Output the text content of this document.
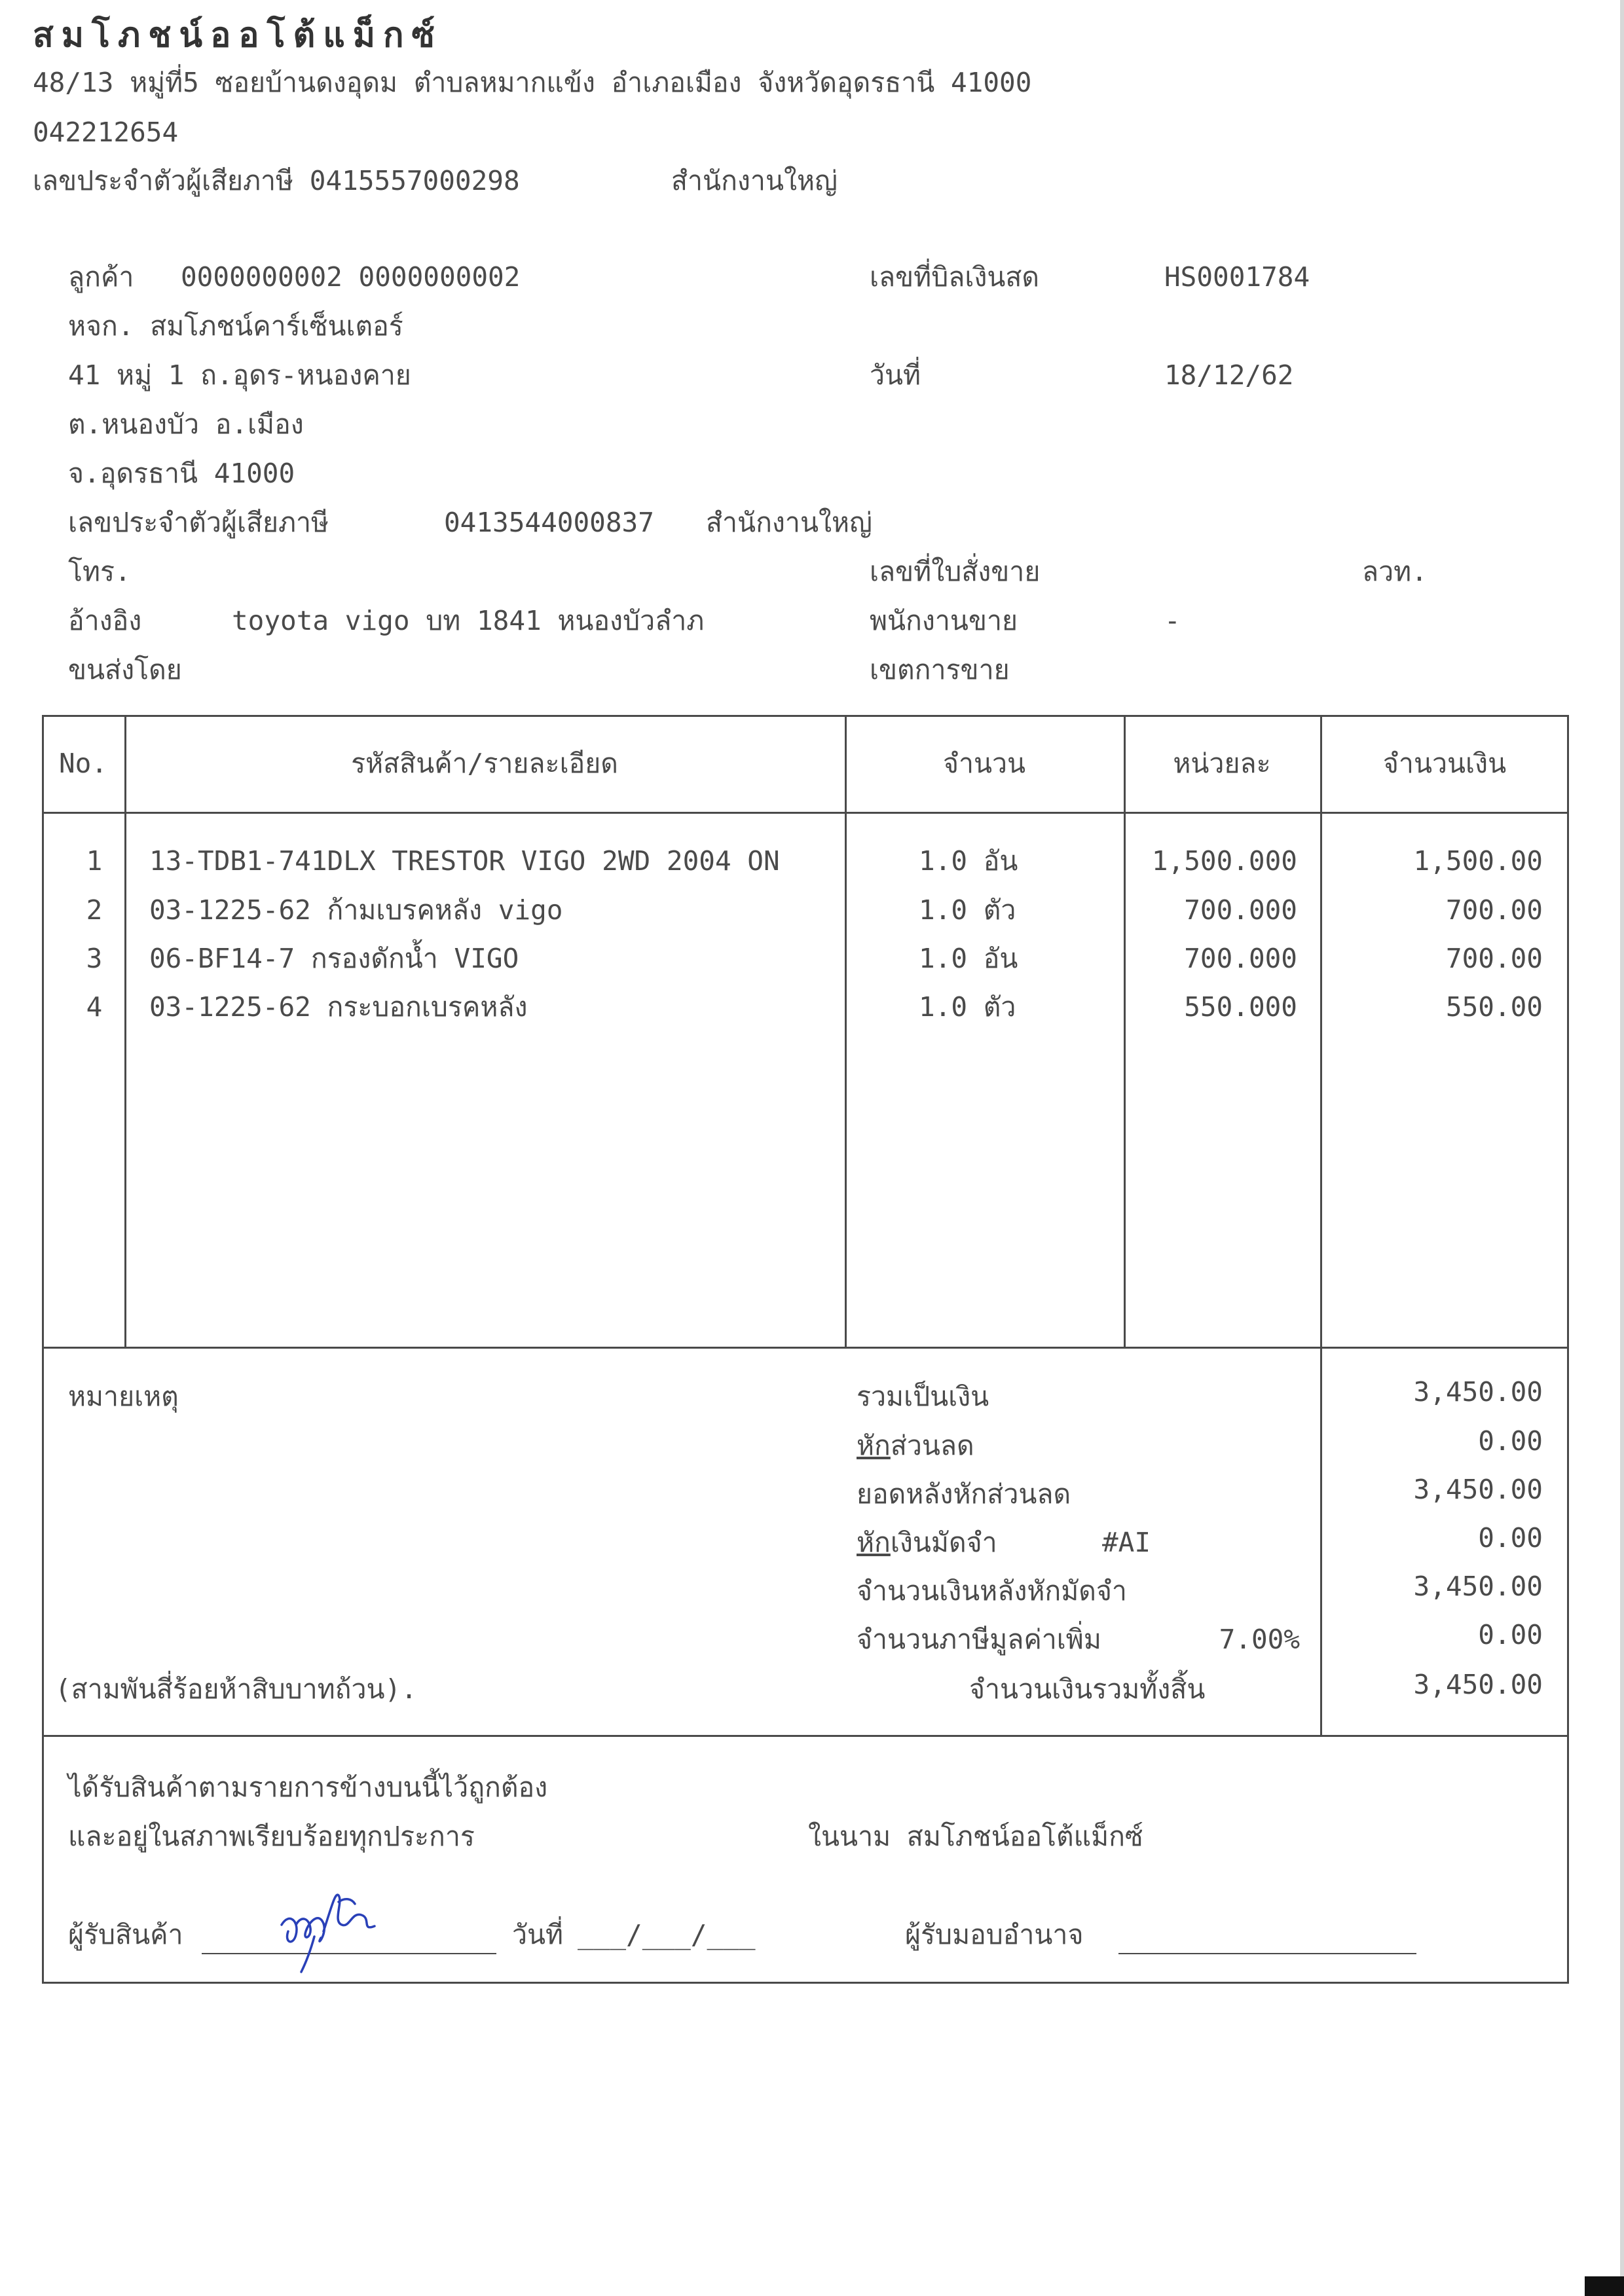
สมโภชน์ออโต้แม็กซ์
48/13 หมู่ที่5 ซอยบ้านดงอุดม ตำบลหมากแข้ง อำเภอเมือง จังหวัดอุดรธานี 41000
042212654
เลขประจำตัวผู้เสียภาษี 0415557000298	สำนักงานใหญ่
ลูกค้า 0000000002 0000000002
หจก. สมโภชน์คาร์เซ็นเตอร์
41 หมู่ 1 ถ.อุดร-หนองคาย
ต.หนองบัว อ.เมือง
จ.อุดรธานี 41000
เลขประจำตัวผู้เสียภาษี	0413544000837 สำนักงานใหญ่
โทร.
อ้างอิง	toyota vigo บท 1841 หนองบัวลำภ
ขนส่งโดย
เลขที่บิลเงินสด	HS0001784
วันที่	18/12/62
เลขที่ใบสั่งขาย	ลวท.
พนักงานขาย	-
เขตการขาย
No.	รหัสสินค้า/รายละเอียด	จำนวน	หน่วยละ	จำนวนเงิน
1	13-TDB1-741DLX TRESTOR VIGO 2WD 2004 ON	1.0 อัน	1,500.000	1,500.00
2	03-1225-62 ก้ามเบรคหลัง vigo	1.0 ตัว	700.000	700.00
3	06-BF14-7 กรองดักน้ำ VIGO	1.0 อัน	700.000	700.00
4	03-1225-62 กระบอกเบรคหลัง	1.0 ตัว	550.000	550.00
หมายเหตุ	รวมเป็นเงิน	3,450.00
หักส่วนลด	0.00
ยอดหลังหักส่วนลด	3,450.00
หักเงินมัดจำ	#AI	0.00
จำนวนเงินหลังหักมัดจำ	3,450.00
จำนวนภาษีมูลค่าเพิ่ม	7.00%	0.00
(สามพันสี่ร้อยห้าสิบบาทถ้วน).	จำนวนเงินรวมทั้งสิ้น	3,450.00
ได้รับสินค้าตามรายการข้างบนนี้ไว้ถูกต้อง
และอยู่ในสภาพเรียบร้อยทุกประการ	ในนาม สมโภชน์ออโต้แม็กซ์
ผู้รับสินค้า	วันที่ ___/___/___	ผู้รับมอบอำนาจ
